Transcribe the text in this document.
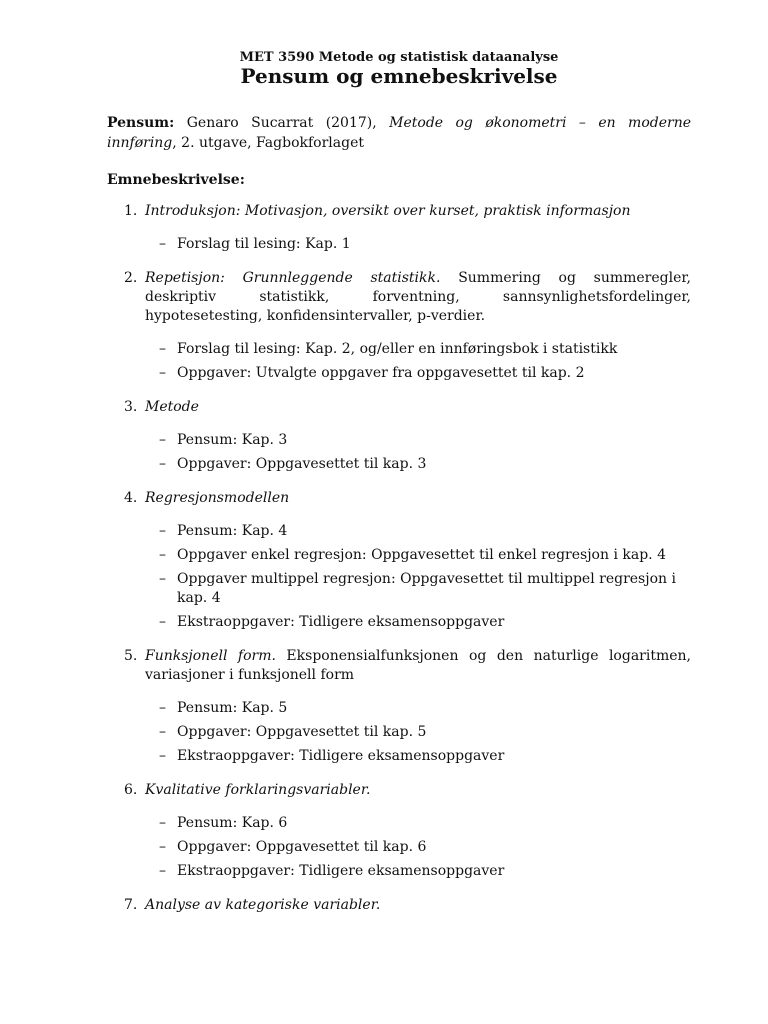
MET 3590 Metode og statistisk dataanalyse
Pensum og emnebeskrivelse
Pensum: Genaro Sucarrat (2017), Metode og økonometri – en moderne innføring, 2. utgave, Fagbokforlaget
Emnebeskrivelse:
1. Introduksjon: Motivasjon, oversikt over kurset, praktisk informasjon
– Forslag til lesing: Kap. 1
2. Repetisjon: Grunnleggende statistikk. Summering og summeregler, deskriptiv statistikk, forventning, sannsynlighetsfordelinger, hypotesetesting, konfidensintervaller, p-verdier.
– Forslag til lesing: Kap. 2, og/eller en innføringsbok i statistikk
– Oppgaver: Utvalgte oppgaver fra oppgavesettet til kap. 2
3. Metode
– Pensum: Kap. 3
– Oppgaver: Oppgavesettet til kap. 3
4. Regresjonsmodellen
– Pensum: Kap. 4
– Oppgaver enkel regresjon: Oppgavesettet til enkel regresjon i kap. 4
– Oppgaver multippel regresjon: Oppgavesettet til multippel regresjon i kap. 4
– Ekstraoppgaver: Tidligere eksamensoppgaver
5. Funksjonell form. Eksponensialfunksjonen og den naturlige logaritmen, variasjoner i funksjonell form
– Pensum: Kap. 5
– Oppgaver: Oppgavesettet til kap. 5
– Ekstraoppgaver: Tidligere eksamensoppgaver
6. Kvalitative forklaringsvariabler.
– Pensum: Kap. 6
– Oppgaver: Oppgavesettet til kap. 6
– Ekstraoppgaver: Tidligere eksamensoppgaver
7. Analyse av kategoriske variabler.
